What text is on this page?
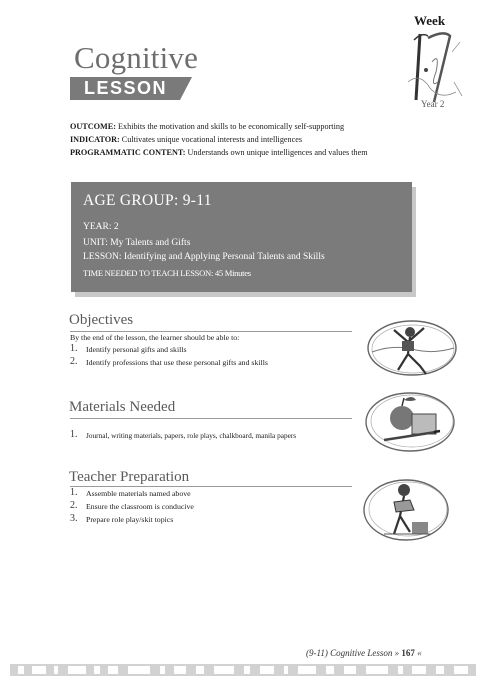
Cognitive
LESSON
Week
Year 2
OUTCOME: Exhibits the motivation and skills to be economically self-supporting
INDICATOR: Cultivates unique vocational interests and intelligences
PROGRAMMATIC CONTENT: Understands own unique intelligences and values them
AGE GROUP: 9-11
YEAR: 2
UNIT: My Talents and Gifts
LESSON: Identifying and Applying Personal Talents and Skills
TIME NEEDED TO TEACH LESSON: 45 Minutes
Objectives
By the end of the lesson, the learner should be able to:
1. Identify personal gifts and skills
2. Identify professions that use these personal gifts and skills
Materials Needed
1. Journal, writing materials, papers, role plays, chalkboard, manila papers
Teacher Preparation
1. Assemble materials named above
2. Ensure the classroom is conducive
3. Prepare role play/skit topics
(9-11) Cognitive Lesson » 167 «
